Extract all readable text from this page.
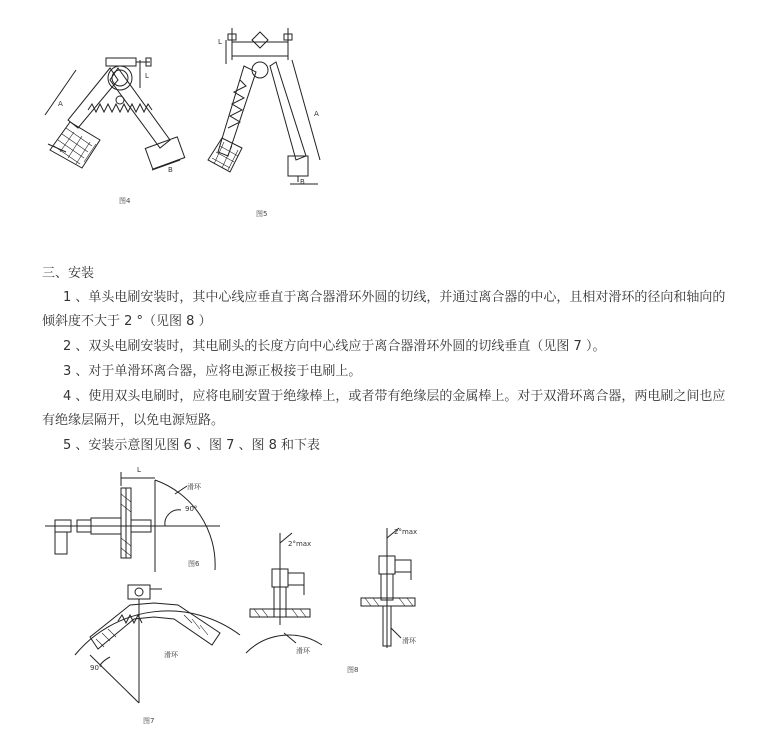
A
L
B
图4
A
L
B
图5
三、安装
1 、单头电刷安装时，其中心线应垂直于离合器滑环外圆的切线，并通过离合器的中心，且相对滑环的径向和轴向的倾斜度不大于 2 °（见图 8 ）
2 、双头电刷安装时，其电刷头的长度方向中心线应于离合器滑环外圆的切线垂直（见图 7 ）。
3 、对于单滑环离合器，应将电源正极接于电刷上。
4 、使用双头电刷时，应将电刷安置于绝缘棒上，或者带有绝缘层的金属棒上。对于双滑环离合器，两电刷之间也应有绝缘层隔开，以免电源短路。
5 、安装示意图见图 6 、图 7 、图 8 和下表
L
滑环
90°
图6
滑环
90°
图7
2°max
滑环
2°max
滑环
图8
